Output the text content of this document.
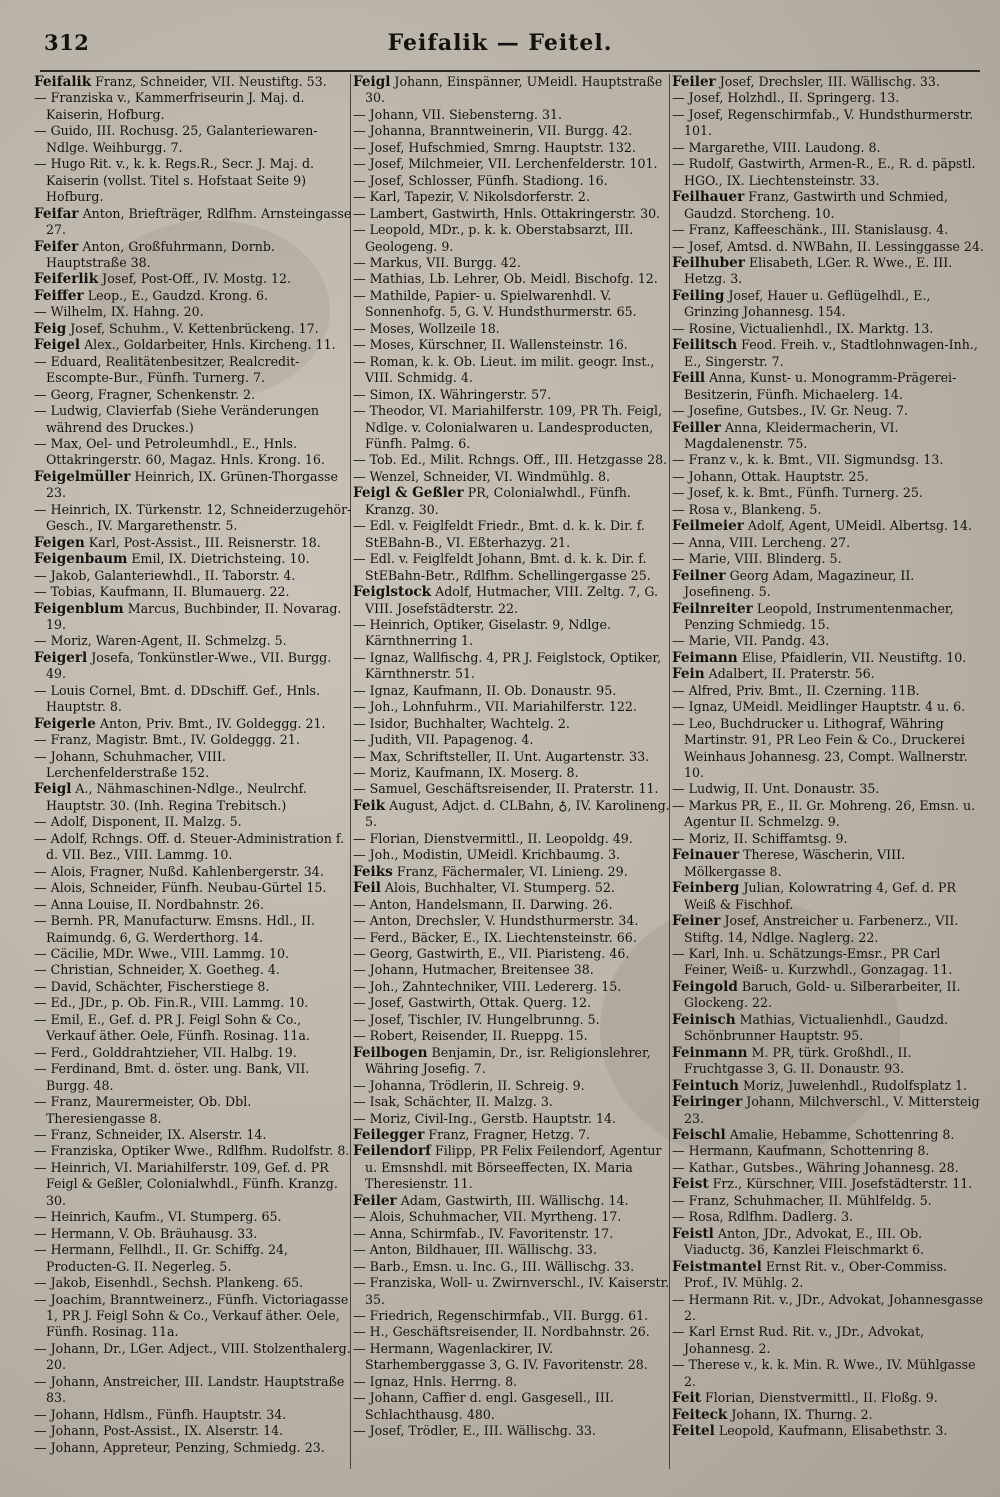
312	Feifalik — Feitel.

Feifalik Franz, Schneider, VII. Neustiftg. 53.

— Franziska v., Kammerfriseurin J. Maj. d. Kaiserin, Hofburg.

— Guido, III. Rochusg. 25, Galanteriewaren-Ndlge. Weihburgg. 7.

— Hugo Rit. v., k. k. Regs.R., Secr. J. Maj. d. Kaiserin (vollst. Titel s. Hofstaat Seite 9) Hofburg.

Feifar Anton, Briefträger, Rdlfhm. Arnsteingasse 27.

Feifer Anton, Großfuhrmann, Dornb. Hauptstraße 38.

Feiferlik Josef, Post-Off., IV. Mostg. 12.

Feiffer Leop., E., Gaudzd. Krong. 6.

— Wilhelm, IX. Hahng. 20.

Feig Josef, Schuhm., V. Kettenbrückeng. 17.

Feigel Alex., Goldarbeiter, Hnls. Kircheng. 11.

— Eduard, Realitätenbesitzer, Realcredit-Escompte-Bur., Fünfh. Turnerg. 7.

— Georg, Fragner, Schenkenstr. 2.

— Ludwig, Clavierfab (Siehe Veränderungen während des Druckes.)

— Max, Oel- und Petroleumhdl., E., Hnls. Ottakringerstr. 60, Magaz. Hnls. Krong. 16.

Feigelmüller Heinrich, IX. Grünen-Thorgasse 23.

— Heinrich, IX. Türkenstr. 12, Schneiderzugehör-Gesch., IV. Margarethenstr. 5.

Feigen Karl, Post-Assist., III. Reisnerstr. 18.

Feigenbaum Emil, IX. Dietrichsteing. 10.

— Jakob, Galanteriewhdl., II. Taborstr. 4.

— Tobias, Kaufmann, II. Blumauerg. 22.

Feigenblum Marcus, Buchbinder, II. Novarag. 19.

— Moriz, Waren-Agent, II. Schmelzg. 5.

Feigerl Josefa, Tonkünstler-Wwe., VII. Burgg. 49.

— Louis Cornel, Bmt. d. DDschiff. Gef., Hnls. Hauptstr. 8.

Feigerle Anton, Priv. Bmt., IV. Goldeggg. 21.

— Franz, Magistr. Bmt., IV. Goldeggg. 21.

— Johann, Schuhmacher, VIII. Lerchenfelderstraße 152.

Feigl A., Nähmaschinen-Ndlge., Neulrchf. Hauptstr. 30. (Inh. Regina Trebitsch.)

— Adolf, Disponent, II. Malzg. 5.

— Adolf, Rchngs. Off. d. Steuer-Administration f. d. VII. Bez., VIII. Lammg. 10.

— Alois, Fragner, Nußd. Kahlenbergerstr. 34.

— Alois, Schneider, Fünfh. Neubau-Gürtel 15.

— Anna Louise, II. Nordbahnstr. 26.

— Bernh. PR, Manufacturw. Emsns. Hdl., II. Raimundg. 6, G. Werderthorg. 14.

— Cäcilie, MDr. Wwe., VIII. Lammg. 10.

— Christian, Schneider, X. Goetheg. 4.

— David, Schächter, Fischerstiege 8.

— Ed., JDr., p. Ob. Fin.R., VIII. Lammg. 10.

— Emil, E., Gef. d. PR J. Feigl Sohn & Co., Verkauf äther. Oele, Fünfh. Rosinag. 11a.

— Ferd., Golddrahtzieher, VII. Halbg. 19.

— Ferdinand, Bmt. d. öster. ung. Bank, VII. Burgg. 48.

— Franz, Maurermeister, Ob. Dbl. Theresiengasse 8.

— Franz, Schneider, IX. Alserstr. 14.

— Franziska, Optiker Wwe., Rdlfhm. Rudolfstr. 8.

— Heinrich, VI. Mariahilferstr. 109, Gef. d. PR Feigl & Geßler, Colonialwhdl., Fünfh. Kranzg. 30.

— Heinrich, Kaufm., VI. Stumperg. 65.

— Hermann, V. Ob. Bräuhausg. 33.

— Hermann, Fellhdl., II. Gr. Schiffg. 24, Producten-G. II. Negerleg. 5.

— Jakob, Eisenhdl., Sechsh. Plankeng. 65.

— Joachim, Branntweinerz., Fünfh. Victoriagasse 1, PR J. Feigl Sohn & Co., Verkauf äther. Oele, Fünfh. Rosinag. 11a.

— Johann, Dr., LGer. Adject., VIII. Stolzenthalerg. 20.

— Johann, Anstreicher, III. Landstr. Hauptstraße 83.

— Johann, Hdlsm., Fünfh. Hauptstr. 34.

— Johann, Post-Assist., IX. Alserstr. 14.

— Johann, Appreteur, Penzing, Schmiedg. 23.

Feigl Johann, Einspänner, UMeidl. Hauptstraße 30.

— Johann, VII. Siebensterng. 31.

— Johanna, Branntweinerin, VII. Burgg. 42.

— Josef, Hufschmied, Smrng. Hauptstr. 132.

— Josef, Milchmeier, VII. Lerchenfelderstr. 101.

— Josef, Schlosser, Fünfh. Stadiong. 16.

— Karl, Tapezir, V. Nikolsdorferstr. 2.

— Lambert, Gastwirth, Hnls. Ottakringerstr. 30.

— Leopold, MDr., p. k. k. Oberstabsarzt, III. Geologeng. 9.

— Markus, VII. Burgg. 42.

— Mathias, Lb. Lehrer, Ob. Meidl. Bischofg. 12.

— Mathilde, Papier- u. Spielwarenhdl. V. Sonnenhofg. 5, G. V. Hundsthurmerstr. 65.

— Moses, Wollzeile 18.

— Moses, Kürschner, II. Wallensteinstr. 16.

— Roman, k. k. Ob. Lieut. im milit. geogr. Inst., VIII. Schmidg. 4.

— Simon, IX. Währingerstr. 57.

— Theodor, VI. Mariahilferstr. 109, PR Th. Feigl, Ndlge. v. Colonialwaren u. Landesproducten, Fünfh. Palmg. 6.

— Tob. Ed., Milit. Rchngs. Off., III. Hetzgasse 28.

— Wenzel, Schneider, VI. Windmühlg. 8.

Feigl & Geßler PR, Colonialwhdl., Fünfh. Kranzg. 30.

— Edl. v. Feiglfeldt Friedr., Bmt. d. k. k. Dir. f. StEBahn-B., VI. Eßterhazyg. 21.

— Edl. v. Feiglfeldt Johann, Bmt. d. k. k. Dir. f. StEBahn-Betr., Rdlfhm. Schellingergasse 25.

Feiglstock Adolf, Hutmacher, VIII. Zeltg. 7, G. VIII. Josefstädterstr. 22.

— Heinrich, Optiker, Giselastr. 9, Ndlge. Kärnthnerring 1.

— Ignaz, Wallfischg. 4, PR J. Feiglstock, Optiker, Kärnthnerstr. 51.

— Ignaz, Kaufmann, II. Ob. Donaustr. 95.

— Joh., Lohnfuhrm., VII. Mariahilferstr. 122.

— Isidor, Buchhalter, Wachtelg. 2.

— Judith, VII. Papagenog. 4.

— Max, Schriftsteller, II. Unt. Augartenstr. 33.

— Moriz, Kaufmann, IX. Moserg. 8.

— Samuel, Geschäftsreisender, II. Praterstr. 11.

Feik August, Adjct. d. CLBahn, ♁, IV. Karolineng. 5.

— Florian, Dienstvermittl., II. Leopoldg. 49.

— Joh., Modistin, UMeidl. Krichbaumg. 3.

Feiks Franz, Fächermaler, VI. Linieng. 29.

Feil Alois, Buchhalter, VI. Stumperg. 52.

— Anton, Handelsmann, II. Darwing. 26.

— Anton, Drechsler, V. Hundsthurmerstr. 34.

— Ferd., Bäcker, E., IX. Liechtensteinstr. 66.

— Georg, Gastwirth, E., VII. Piaristeng. 46.

— Johann, Hutmacher, Breitensee 38.

— Joh., Zahntechniker, VIII. Ledererg. 15.

— Josef, Gastwirth, Ottak. Querg. 12.

— Josef, Tischler, IV. Hungelbrunng. 5.

— Robert, Reisender, II. Rueppg. 15.

Feilbogen Benjamin, Dr., isr. Religionslehrer, Währing Josefig. 7.

— Johanna, Trödlerin, II. Schreig. 9.

— Isak, Schächter, II. Malzg. 3.

— Moriz, Civil-Ing., Gerstb. Hauptstr. 14.

Feilegger Franz, Fragner, Hetzg. 7.

Feilendorf Filipp, PR Felix Feilendorf, Agentur u. Emsnshdl. mit Börseeffecten, IX. Maria Theresienstr. 11.

Feiler Adam, Gastwirth, III. Wällischg. 14.

— Alois, Schuhmacher, VII. Myrtheng. 17.

— Anna, Schirmfab., IV. Favoritenstr. 17.

— Anton, Bildhauer, III. Wällischg. 33.

— Barb., Emsn. u. Inc. G., III. Wällischg. 33.

— Franziska, Woll- u. Zwirnverschl., IV. Kaiserstr. 35.

— Friedrich, Regenschirmfab., VII. Burgg. 61.

— H., Geschäftsreisender, II. Nordbahnstr. 26.

— Hermann, Wagenlackirer, IV. Starhemberggasse 3, G. IV. Favoritenstr. 28.

— Ignaz, Hnls. Herrng. 8.

— Johann, Caffier d. engl. Gasgesell., III. Schlachthausg. 480.

— Josef, Trödler, E., III. Wällischg. 33.

Feiler Josef, Drechsler, III. Wällischg. 33.

— Josef, Holzhdl., II. Springerg. 13.

— Josef, Regenschirmfab., V. Hundsthurmerstr. 101.

— Margarethe, VIII. Laudong. 8.

— Rudolf, Gastwirth, Armen-R., E., R. d. päpstl. HGO., IX. Liechtensteinstr. 33.

Feilhauer Franz, Gastwirth und Schmied, Gaudzd. Storcheng. 10.

— Franz, Kaffeeschänk., III. Stanislausg. 4.

— Josef, Amtsd. d. NWBahn, II. Lessinggasse 24.

Feilhuber Elisabeth, LGer. R. Wwe., E. III. Hetzg. 3.

Feiling Josef, Hauer u. Geflügelhdl., E., Grinzing Johannesg. 154.

— Rosine, Victualienhdl., IX. Marktg. 13.

Feilitsch Feod. Freih. v., Stadtlohnwagen-Inh., E., Singerstr. 7.

Feill Anna, Kunst- u. Monogramm-Prägerei-Besitzerin, Fünfh. Michaelerg. 14.

— Josefine, Gutsbes., IV. Gr. Neug. 7.

Feiller Anna, Kleidermacherin, VI. Magdalenenstr. 75.

— Franz v., k. k. Bmt., VII. Sigmundsg. 13.

— Johann, Ottak. Hauptstr. 25.

— Josef, k. k. Bmt., Fünfh. Turnerg. 25.

— Rosa v., Blankeng. 5.

Feilmeier Adolf, Agent, UMeidl. Albertsg. 14.

— Anna, VIII. Lercheng. 27.

— Marie, VIII. Blinderg. 5.

Feilner Georg Adam, Magazineur, II. Josefineng. 5.

Feilnreiter Leopold, Instrumentenmacher, Penzing Schmiedg. 15.

— Marie, VII. Pandg. 43.

Feimann Elise, Pfaidlerin, VII. Neustiftg. 10.

Fein Adalbert, II. Praterstr. 56.

— Alfred, Priv. Bmt., II. Czerning. 11B.

— Ignaz, UMeidl. Meidlinger Hauptstr. 4 u. 6.

— Leo, Buchdrucker u. Lithograf, Währing Martinstr. 91, PR Leo Fein & Co., Druckerei Weinhaus Johannesg. 23, Compt. Wallnerstr. 10.

— Ludwig, II. Unt. Donaustr. 35.

— Markus PR, E., II. Gr. Mohreng. 26, Emsn. u. Agentur II. Schmelzg. 9.

— Moriz, II. Schiffamtsg. 9.

Feinauer Therese, Wäscherin, VIII. Mölkergasse 8.

Feinberg Julian, Kolowratring 4, Gef. d. PR Weiß & Fischhof.

Feiner Josef, Anstreicher u. Farbenerz., VII. Stiftg. 14, Ndlge. Naglerg. 22.

— Karl, Inh. u. Schätzungs-Emsr., PR Carl Feiner, Weiß- u. Kurzwhdl., Gonzagag. 11.

Feingold Baruch, Gold- u. Silberarbeiter, II. Glockeng. 22.

Feinisch Mathias, Victualienhdl., Gaudzd. Schönbrunner Hauptstr. 95.

Feinmann M. PR, türk. Großhdl., II. Fruchtgasse 3, G. II. Donaustr. 93.

Feintuch Moriz, Juwelenhdl., Rudolfsplatz 1.

Feiringer Johann, Milchverschl., V. Mittersteig 23.

Feischl Amalie, Hebamme, Schottenring 8.

— Hermann, Kaufmann, Schottenring 8.

— Kathar., Gutsbes., Währing Johannesg. 28.

Feist Frz., Kürschner, VIII. Josefstädterstr. 11.

— Franz, Schuhmacher, II. Mühlfeldg. 5.

— Rosa, Rdlfhm. Dadlerg. 3.

Feistl Anton, JDr., Advokat, E., III. Ob. Viaductg. 36, Kanzlei Fleischmarkt 6.

Feistmantel Ernst Rit. v., Ober-Commiss. Prof., IV. Mühlg. 2.

— Hermann Rit. v., JDr., Advokat, Johannesgasse 2.

— Karl Ernst Rud. Rit. v., JDr., Advokat, Johannesg. 2.

— Therese v., k. k. Min. R. Wwe., IV. Mühlgasse 2.

Feit Florian, Dienstvermittl., II. Floßg. 9.

Feiteck Johann, IX. Thurng. 2.

Feitel Leopold, Kaufmann, Elisabethstr. 3.
